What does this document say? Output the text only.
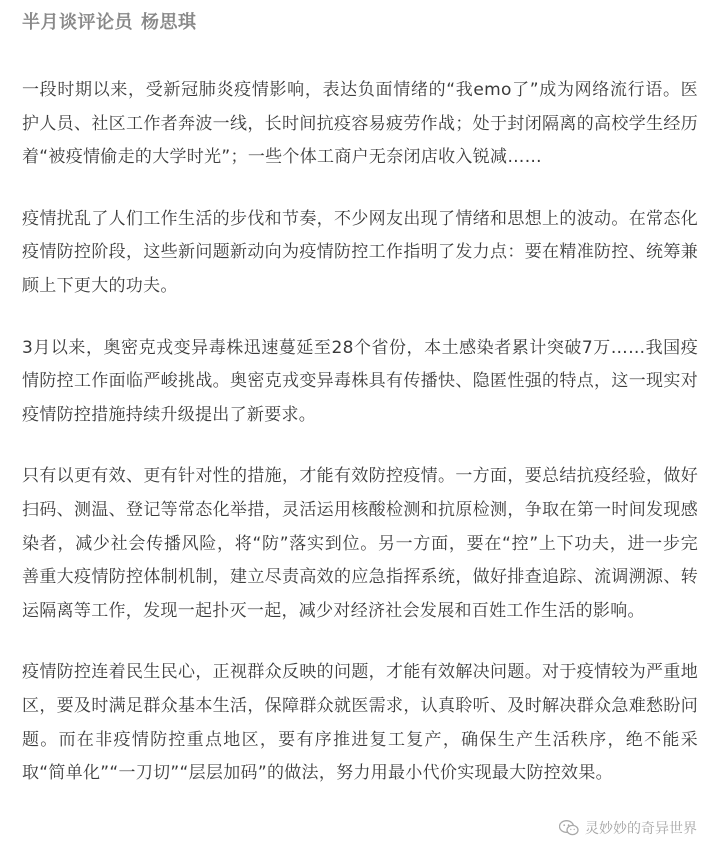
半月谈评论员 杨思琪

一段时期以来，受新冠肺炎疫情影响，表达负面情绪的“我emo了”成为网络流行语。医护人员、社区工作者奔波一线，长时间抗疫容易疲劳作战；处于封闭隔离的高校学生经历着“被疫情偷走的大学时光”；一些个体工商户无奈闭店收入锐减……

疫情扰乱了人们工作生活的步伐和节奏，不少网友出现了情绪和思想上的波动。在常态化疫情防控阶段，这些新问题新动向为疫情防控工作指明了发力点：要在精准防控、统筹兼顾上下更大的功夫。

3月以来，奥密克戎变异毒株迅速蔓延至28个省份，本土感染者累计突破7万……我国疫情防控工作面临严峻挑战。奥密克戎变异毒株具有传播快、隐匿性强的特点，这一现实对疫情防控措施持续升级提出了新要求。

只有以更有效、更有针对性的措施，才能有效防控疫情。一方面，要总结抗疫经验，做好扫码、测温、登记等常态化举措，灵活运用核酸检测和抗原检测，争取在第一时间发现感染者，减少社会传播风险，将“防”落实到位。另一方面，要在“控”上下功夫，进一步完善重大疫情防控体制机制，建立尽责高效的应急指挥系统，做好排查追踪、流调溯源、转运隔离等工作，发现一起扑灭一起，减少对经济社会发展和百姓工作生活的影响。

疫情防控连着民生民心，正视群众反映的问题，才能有效解决问题。对于疫情较为严重地区，要及时满足群众基本生活，保障群众就医需求，认真聆听、及时解决群众急难愁盼问题。而在非疫情防控重点地区，要有序推进复工复产，确保生产生活秩序，绝不能采取“简单化”“一刀切”“层层加码”的做法，努力用最小代价实现最大防控效果。

灵妙妙的奇异世界
